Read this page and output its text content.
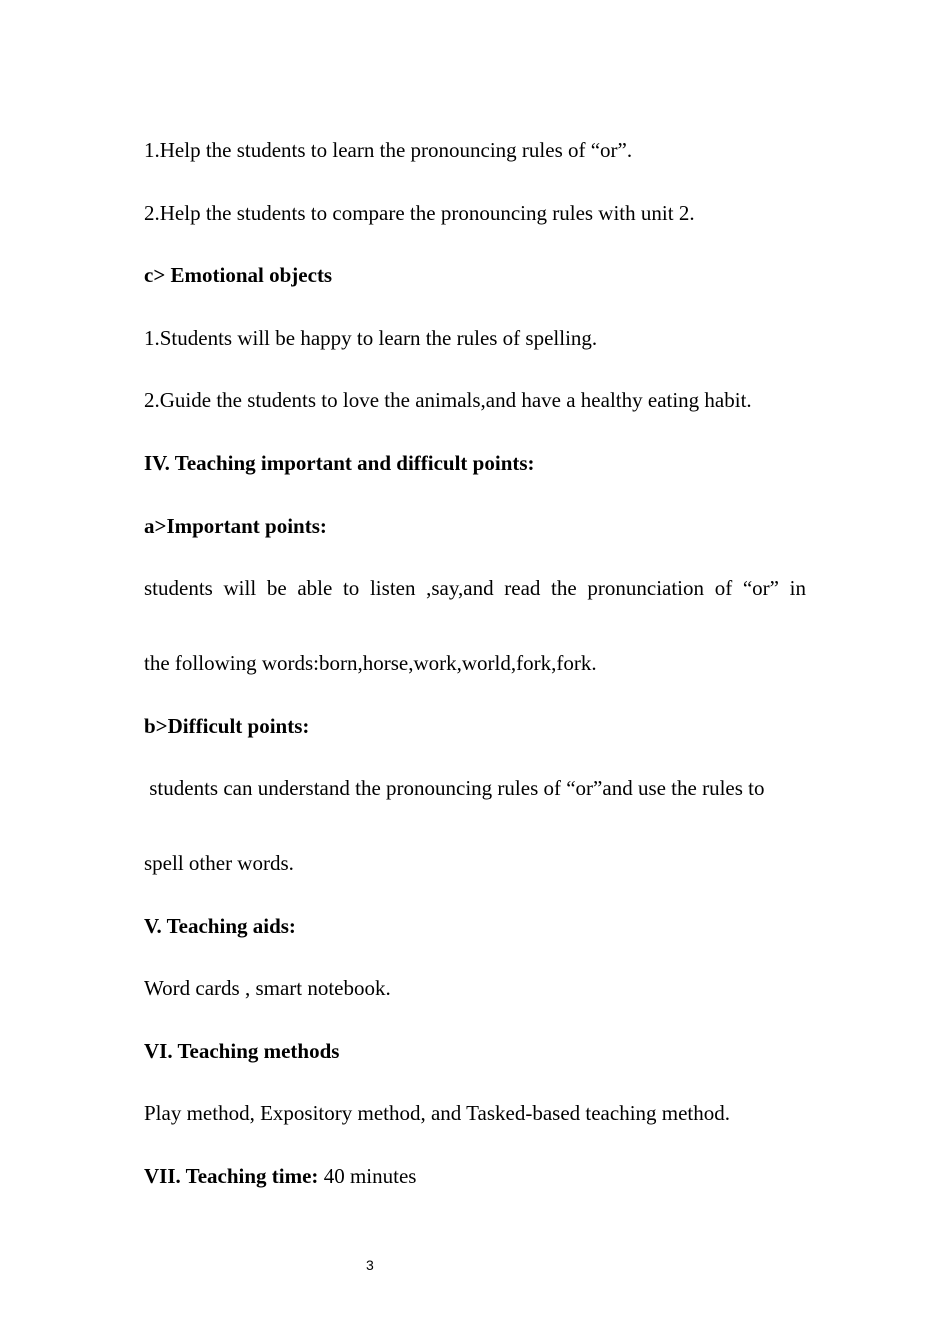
1.Help the students to learn the pronouncing rules of “or”.
2.Help the students to compare the pronouncing rules with unit 2.
c> Emotional objects
1.Students will be happy to learn the rules of spelling.
2.Guide the students to love the animals,and have a healthy eating habit.
IV. Teaching important and difficult points:
a>Important points:
students will be able to listen ,say,and read the pronunciation of “or” in
the following words:born,horse,work,world,fork,fork.
b>Difficult points:
students can understand the pronouncing rules of “or”and use the rules to
spell other words.
V. Teaching aids:
Word cards , smart notebook.
VI. Teaching methods
Play method, Expository method, and Tasked-based teaching method.
VII. Teaching time: 40 minutes
3
